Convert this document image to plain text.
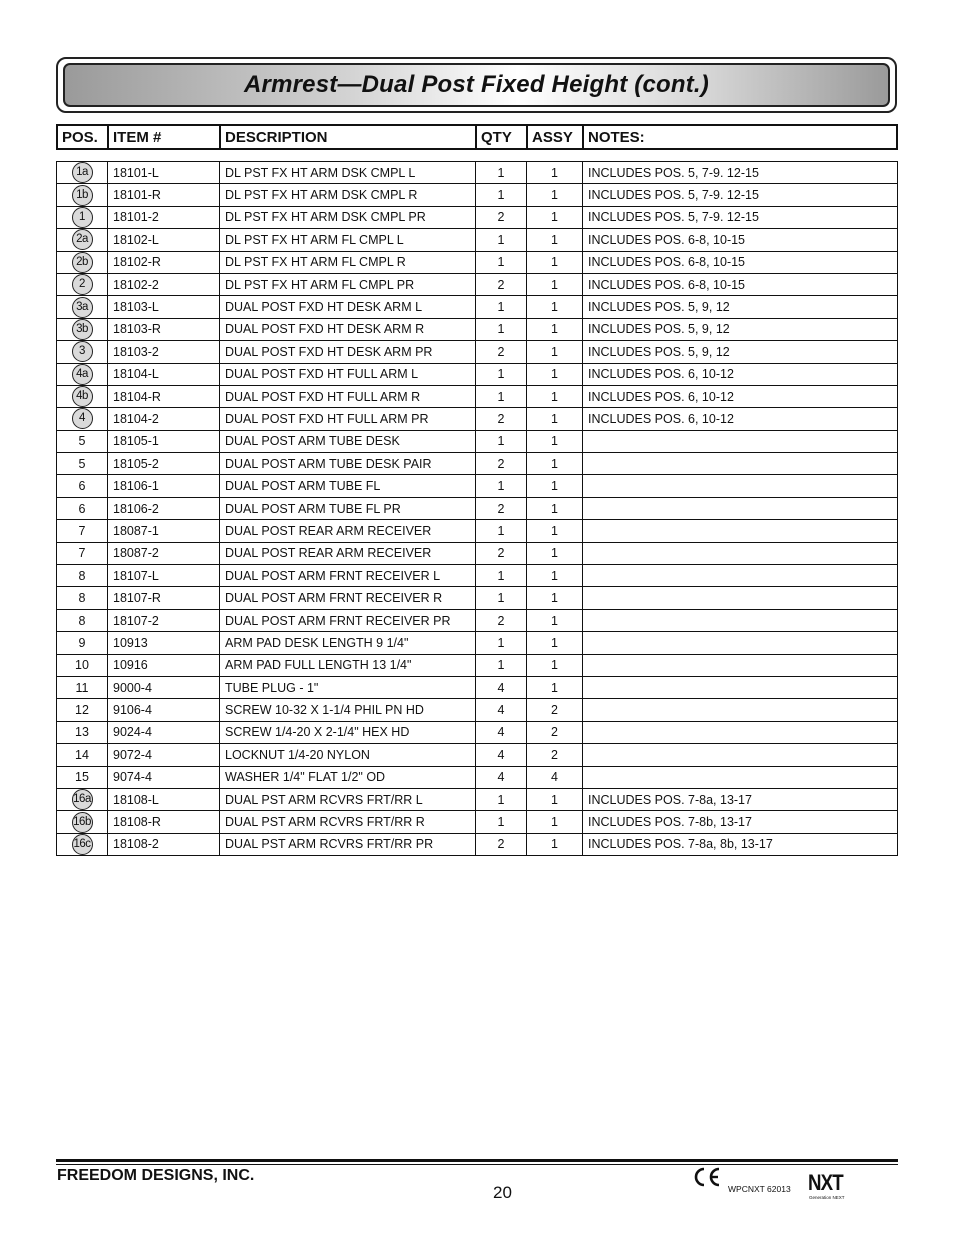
Armrest—Dual Post Fixed Height (cont.)
POS.	ITEM #	DESCRIPTION	QTY	ASSY	NOTES:
1a	18101-L	DL PST FX HT ARM DSK CMPL L	1	1	INCLUDES POS. 5, 7-9. 12-15
1b	18101-R	DL PST FX HT ARM DSK CMPL R	1	1	INCLUDES POS. 5, 7-9. 12-15
1	18101-2	DL PST FX HT ARM DSK CMPL PR	2	1	INCLUDES POS. 5, 7-9. 12-15
2a	18102-L	DL PST FX HT ARM FL CMPL L	1	1	INCLUDES POS. 6-8, 10-15
2b	18102-R	DL PST FX HT ARM FL CMPL R	1	1	INCLUDES POS. 6-8, 10-15
2	18102-2	DL PST FX HT ARM FL CMPL PR	2	1	INCLUDES POS. 6-8, 10-15
3a	18103-L	DUAL POST FXD HT DESK ARM L	1	1	INCLUDES POS. 5, 9, 12
3b	18103-R	DUAL POST FXD HT DESK ARM R	1	1	INCLUDES POS. 5, 9, 12
3	18103-2	DUAL POST FXD HT DESK ARM PR	2	1	INCLUDES POS. 5, 9, 12
4a	18104-L	DUAL POST FXD HT FULL ARM L	1	1	INCLUDES POS. 6, 10-12
4b	18104-R	DUAL POST FXD HT FULL ARM R	1	1	INCLUDES POS. 6, 10-12
4	18104-2	DUAL POST FXD HT FULL ARM PR	2	1	INCLUDES POS. 6, 10-12
5	18105-1	DUAL POST ARM TUBE DESK	1	1	
5	18105-2	DUAL POST ARM TUBE DESK PAIR	2	1	
6	18106-1	DUAL POST ARM TUBE FL	1	1	
6	18106-2	DUAL POST ARM TUBE FL PR	2	1	
7	18087-1	DUAL POST REAR ARM RECEIVER	1	1	
7	18087-2	DUAL POST REAR ARM RECEIVER	2	1	
8	18107-L	DUAL POST ARM FRNT RECEIVER L	1	1	
8	18107-R	DUAL POST ARM FRNT RECEIVER R	1	1	
8	18107-2	DUAL POST ARM FRNT RECEIVER PR	2	1	
9	10913	ARM PAD DESK LENGTH 9 1/4"	1	1	
10	10916	ARM PAD FULL LENGTH 13 1/4"	1	1	
11	9000-4	TUBE PLUG - 1"	4	1	
12	9106-4	SCREW 10-32 X 1-1/4 PHIL PN HD	4	2	
13	9024-4	SCREW 1/4-20 X 2-1/4" HEX HD	4	2	
14	9072-4	LOCKNUT 1/4-20 NYLON	4	2	
15	9074-4	WASHER 1/4" FLAT 1/2" OD	4	4	
16a	18108-L	DUAL PST ARM RCVRS FRT/RR L	1	1	INCLUDES POS. 7-8a, 13-17
16b	18108-R	DUAL PST ARM RCVRS FRT/RR R	1	1	INCLUDES POS. 7-8b, 13-17
16c	18108-2	DUAL PST ARM RCVRS FRT/RR PR	2	1	INCLUDES POS. 7-8a, 8b, 13-17
FREEDOM DESIGNS, INC.
20	WPCNXT 62013 NXT
Generation NEXT
